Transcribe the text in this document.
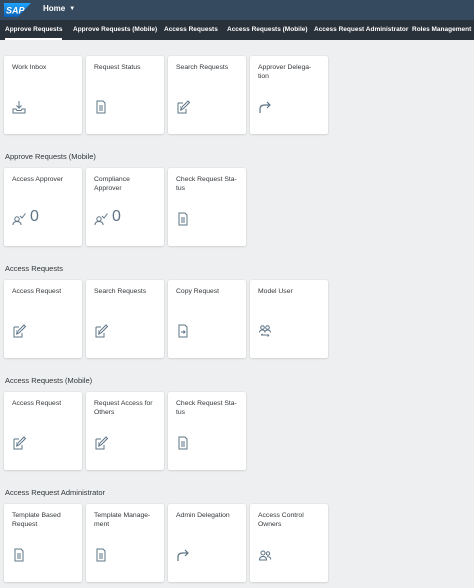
SAP Home ▼
Approve Requests Approve Requests (Mobile) Access Requests Access Requests (Mobile) Access Request Administrator Roles Management
Work Inbox	Request Status	Search Requests	Approver Delega-tion
Approve Requests (Mobile)
Access Approver
0
Compliance Approver
0
Check Request Sta-tus
Access Requests
Access Request	Search Requests	Copy Request	Model User
Access Requests (Mobile)
Access Request	Request Access for Others
Check Request Sta-tus
Access Request Administrator
Template Based Request
Template Manage-ment
Admin Delegation	Access Control Owners
